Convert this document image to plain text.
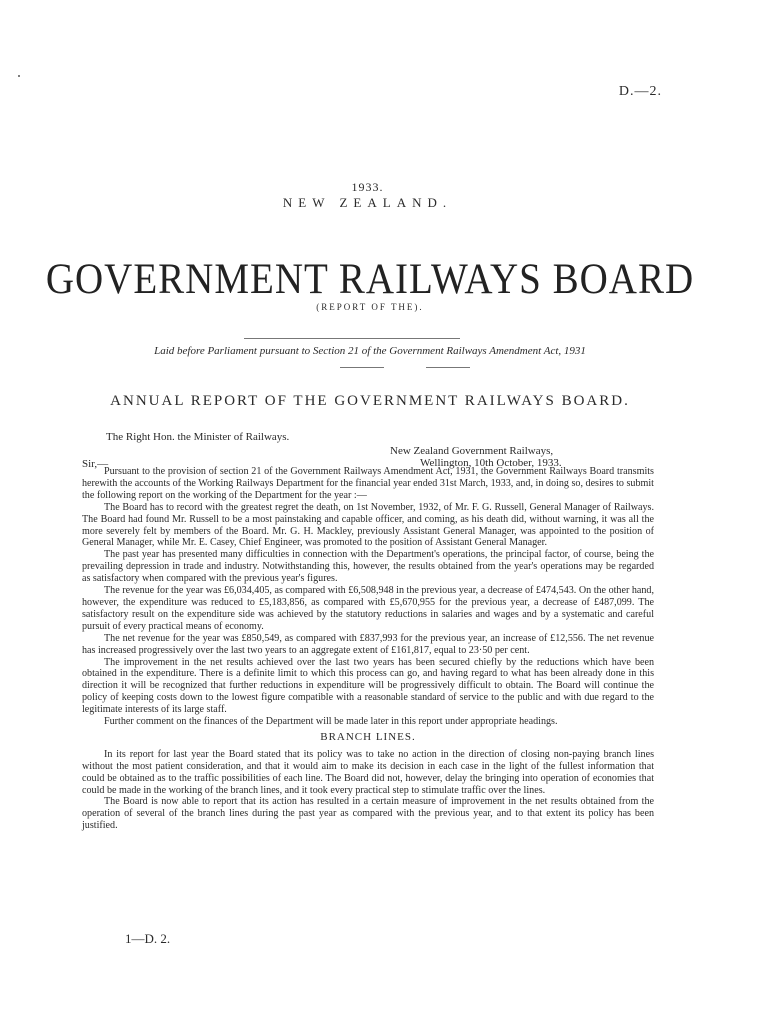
D.—2.
1933.
NEW ZEALAND.
GOVERNMENT RAILWAYS BOARD
(REPORT OF THE).
Laid before Parliament pursuant to Section 21 of the Government Railways Amendment Act, 1931
ANNUAL REPORT OF THE GOVERNMENT RAILWAYS BOARD.
The Right Hon. the Minister of Railways.
New Zealand Government Railways,
Wellington, 10th October, 1933.
Sir,—

Pursuant to the provision of section 21 of the Government Railways Amendment Act, 1931, the Government Railways Board transmits herewith the accounts of the Working Railways Department for the financial year ended 31st March, 1933, and, in doing so, desires to submit the following report on the working of the Department for the year :—

The Board has to record with the greatest regret the death, on 1st November, 1932, of Mr. F. G. Russell, General Manager of Railways. The Board had found Mr. Russell to be a most painstaking and capable officer, and coming, as his death did, without warning, it was all the more severely felt by members of the Board. Mr. G. H. Mackley, previously Assistant General Manager, was appointed to the position of General Manager, while Mr. E. Casey, Chief Engineer, was promoted to the position of Assistant General Manager.

The past year has presented many difficulties in connection with the Department's operations, the principal factor, of course, being the prevailing depression in trade and industry. Notwithstanding this, however, the results obtained from the year's operations may be regarded as satisfactory when compared with the previous year's figures.

The revenue for the year was £6,034,405, as compared with £6,508,948 in the previous year, a decrease of £474,543. On the other hand, however, the expenditure was reduced to £5,183,856, as compared with £5,670,955 for the previous year, a decrease of £487,099. The satisfactory result on the expenditure side was achieved by the statutory reductions in salaries and wages and by a systematic and careful pursuit of every practical means of economy.

The net revenue for the year was £850,549, as compared with £837,993 for the previous year, an increase of £12,556. The net revenue has increased progressively over the last two years to an aggregate extent of £161,817, equal to 23·50 per cent.

The improvement in the net results achieved over the last two years has been secured chiefly by the reductions which have been obtained in the expenditure. There is a definite limit to which this process can go, and having regard to what has been already done in this direction it will be recognized that further reductions in expenditure will be progressively difficult to obtain. The Board will continue the policy of keeping costs down to the lowest figure compatible with a reasonable standard of service to the public and with due regard to the legitimate interests of its large staff.

Further comment on the finances of the Department will be made later in this report under appropriate headings.

BRANCH LINES.

In its report for last year the Board stated that its policy was to take no action in the direction of closing non-paying branch lines without the most patient consideration, and that it would aim to make its decision in each case in the light of the fullest information that could be obtained as to the traffic possibilities of each line. The Board did not, however, delay the bringing into operation of economies that could be made in the working of the branch lines, and it took every practical step to stimulate traffic over the lines.

The Board is now able to report that its action has resulted in a certain measure of improvement in the net results obtained from the operation of several of the branch lines during the past year as compared with the previous year, and to that extent its policy has been justified.

1—D. 2.
